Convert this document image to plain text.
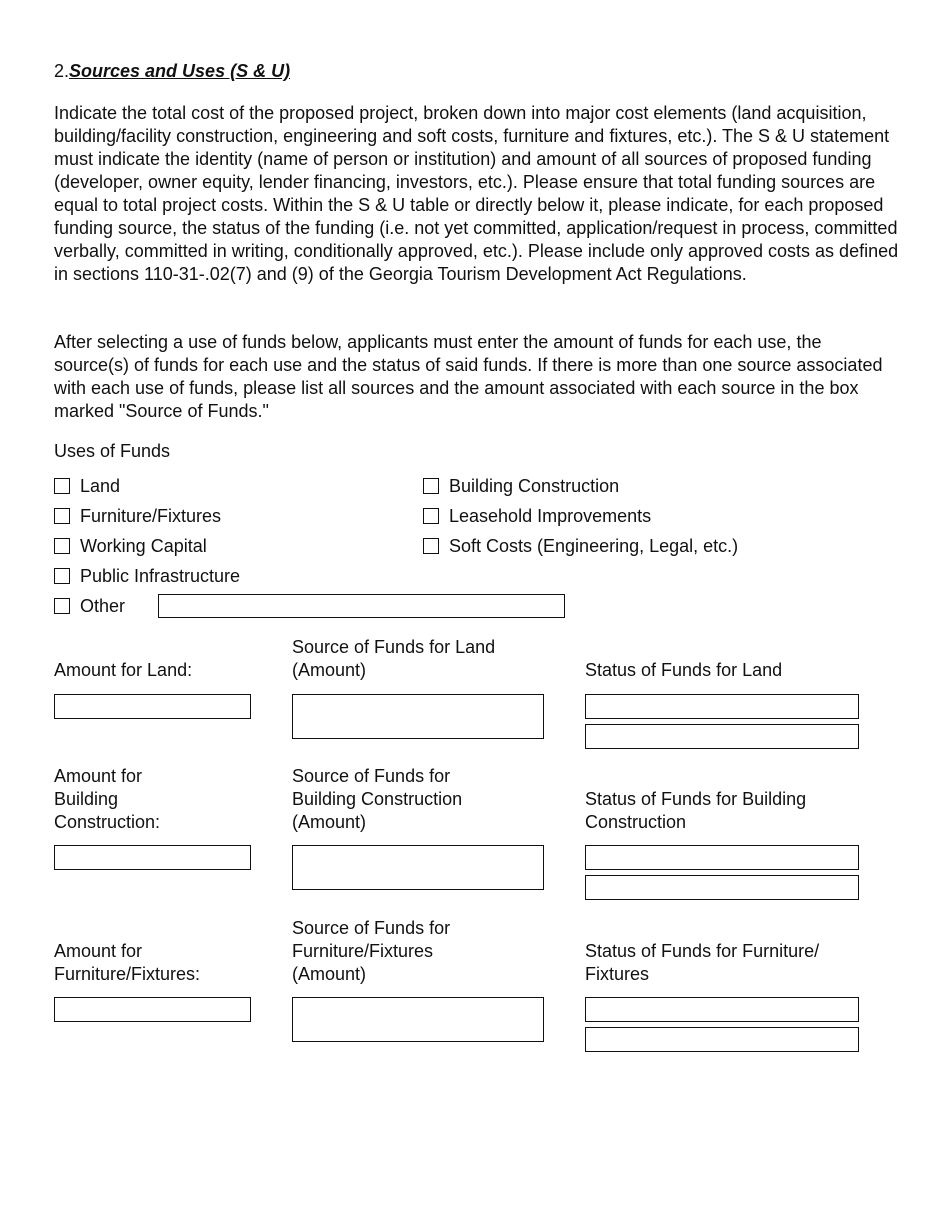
2.Sources and Uses (S & U)
Indicate the total cost of the proposed project, broken down into major cost elements (land acquisition, building/facility construction, engineering and soft costs, furniture and fixtures, etc.). The S & U statement must indicate the identity (name of person or institution) and amount of all sources of proposed funding (developer, owner equity, lender financing, investors, etc.). Please ensure that total funding sources are equal to total project costs. Within the S & U table or directly below it, please indicate, for each proposed funding source, the status of the funding (i.e. not yet committed, application/request in process, committed verbally, committed in writing, conditionally approved, etc.). Please include only approved costs as defined in sections 110-31-.02(7) and (9) of the Georgia Tourism Development Act Regulations.
After selecting a use of funds below, applicants must enter the amount of funds for each use, the source(s) of funds for each use and the status of said funds. If there is more than one source associated with each use of funds, please list all sources and the amount associated with each source in the box marked "Source of Funds."
Uses of Funds
Land
Furniture/Fixtures
Working Capital
Public Infrastructure
Other
Building Construction
Leasehold Improvements
Soft Costs (Engineering, Legal, etc.)
Amount for Land:
Source of Funds for Land
(Amount)	Status of Funds for Land
Amount for
Building
Construction:
Source of Funds for
Building Construction
(Amount)
Status of Funds for Building
Construction
Amount for
Furniture/Fixtures:
Source of Funds for
Furniture/Fixtures
(Amount)
Status of Funds for Furniture/
Fixtures
